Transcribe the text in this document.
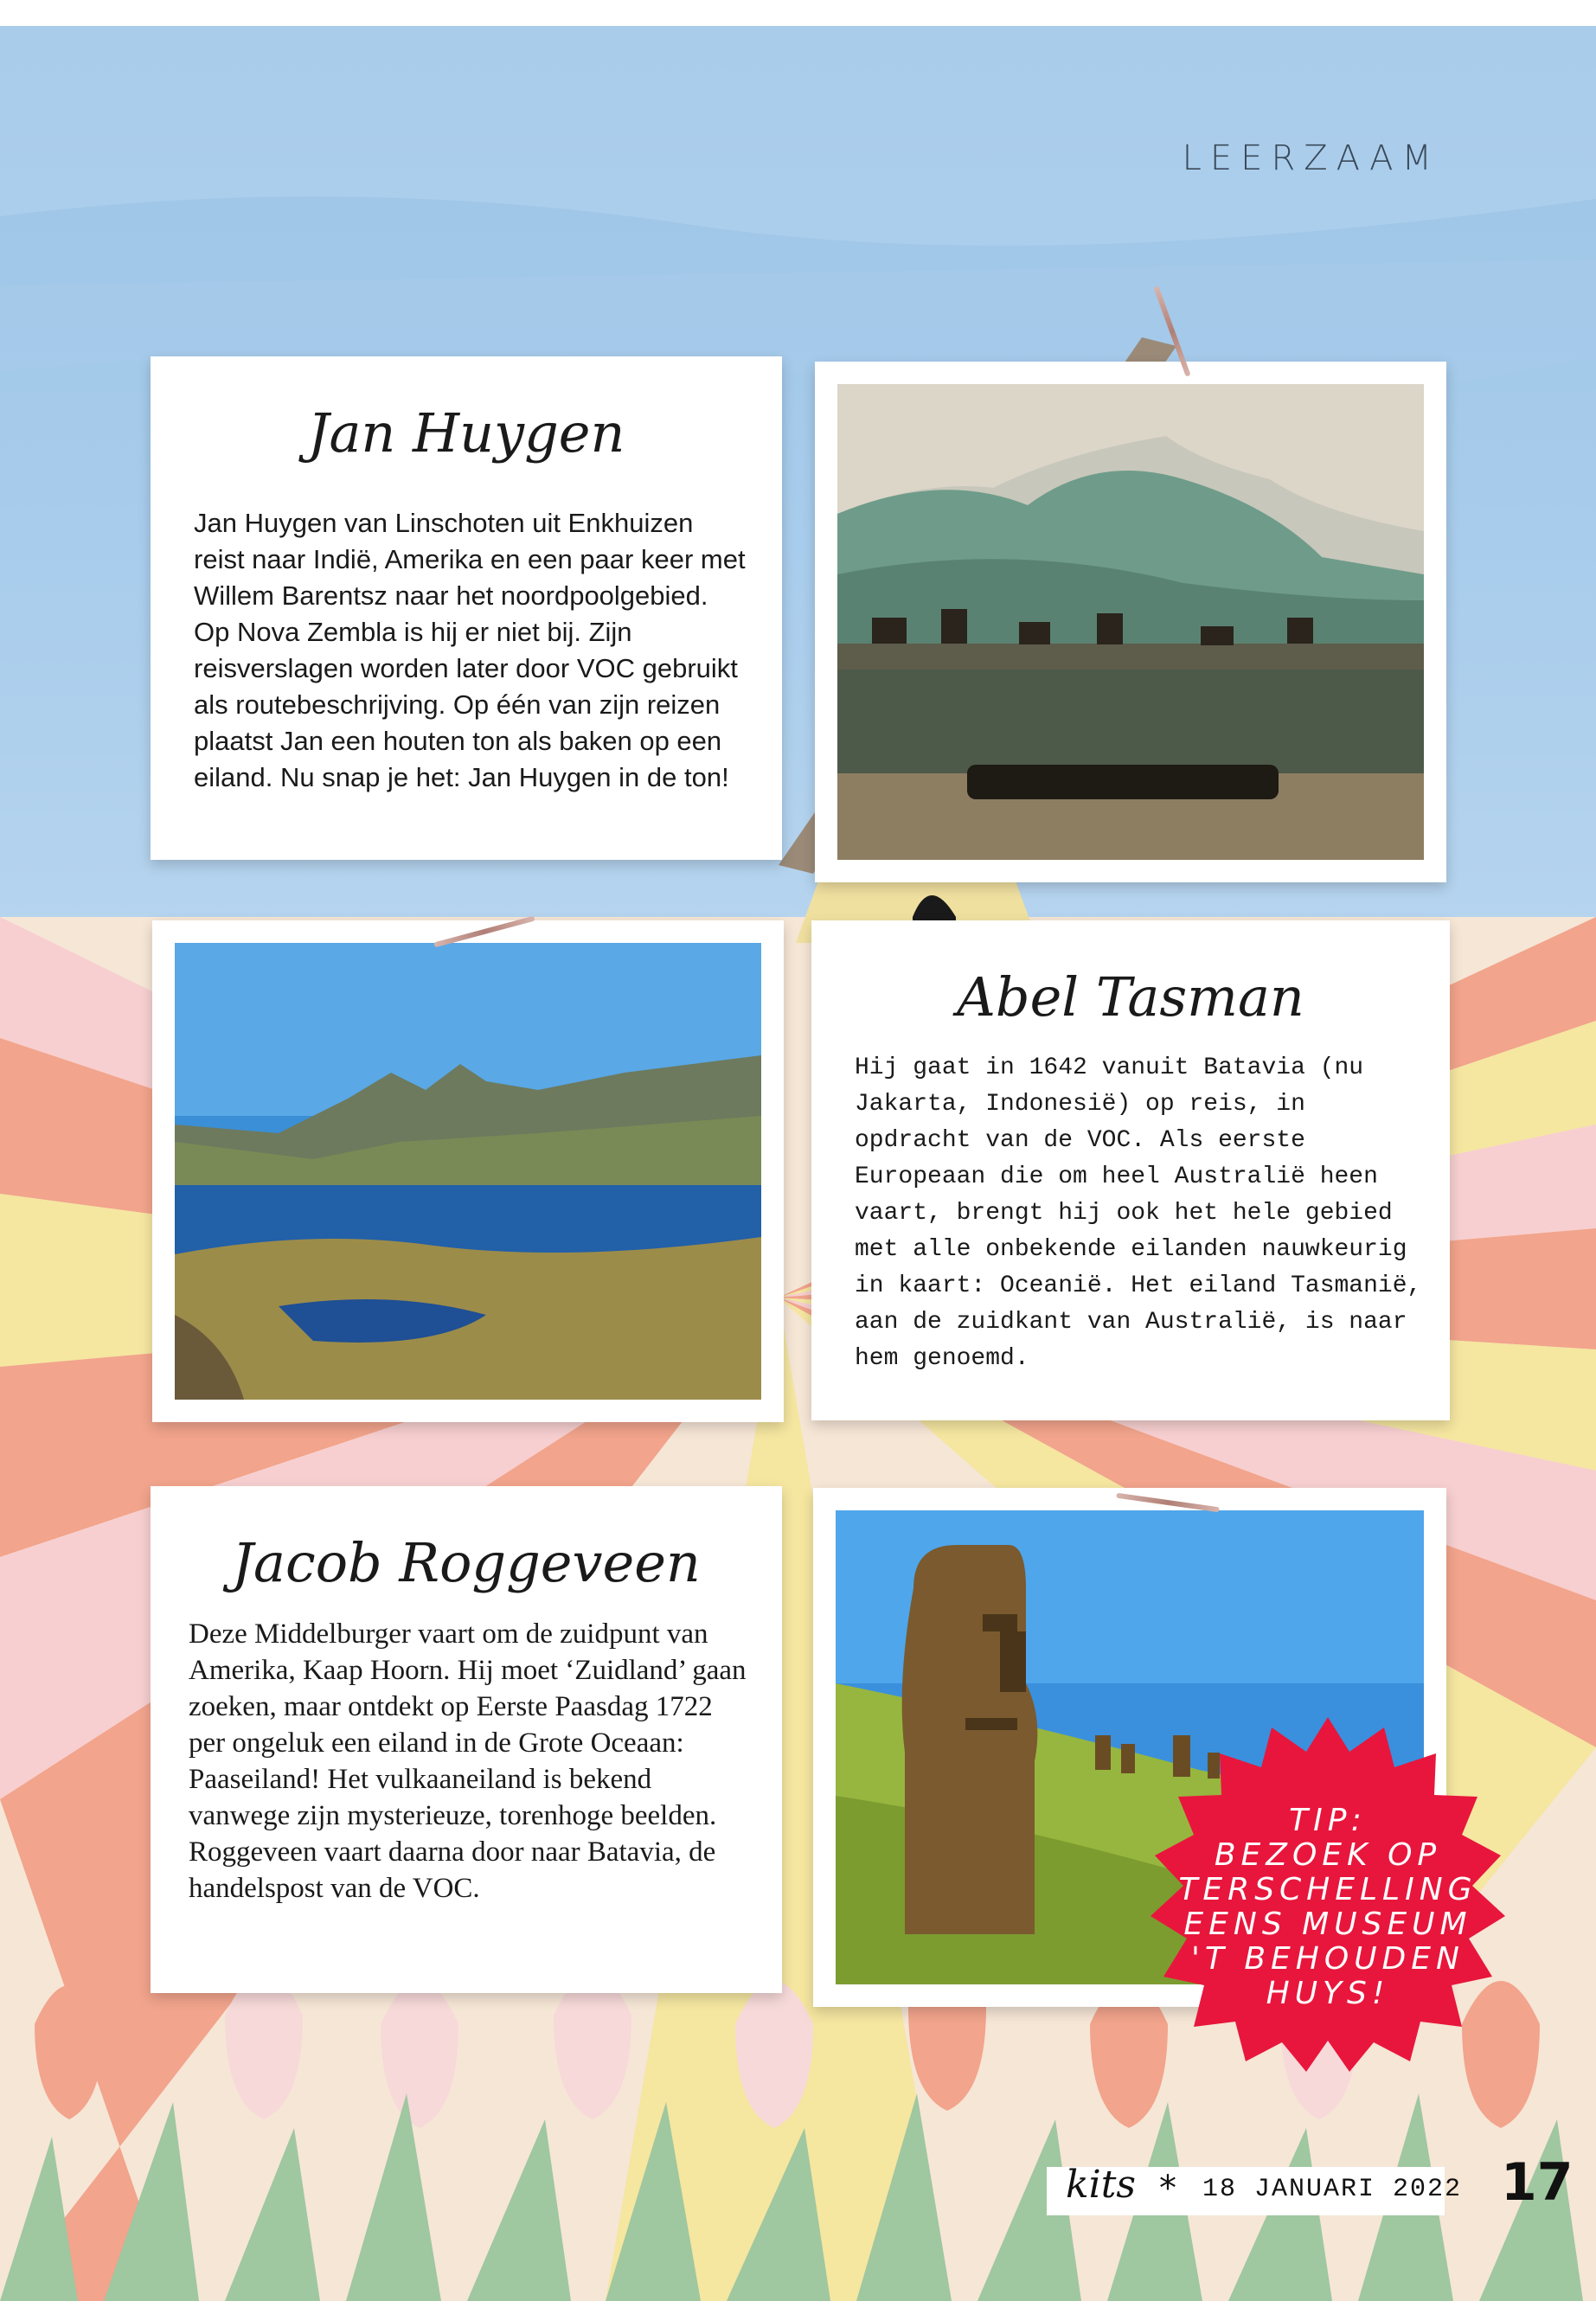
LEERZAAM
Jan Huygen
Jan Huygen van Linschoten uit Enkhuizen reist naar Indië, Amerika en een paar keer met Willem Barentsz naar het noordpoolgebied. Op Nova Zembla is hij er niet bij. Zijn reisverslagen worden later door VOC gebruikt als routebeschrijving. Op één van zijn reizen plaatst Jan een houten ton als baken op een eiland. Nu snap je het: Jan Huygen in de ton!
Abel Tasman
Hij gaat in 1642 vanuit Batavia (nu Jakarta, Indonesië) op reis, in opdracht van de VOC. Als eerste Europeaan die om heel Australië heen vaart, brengt hij ook het hele gebied met alle onbekende eilanden nauwkeurig in kaart: Oceanië. Het eiland Tasmanië, aan de zuidkant van Australië, is naar hem genoemd.
Jacob Roggeveen
Deze Middelburger vaart om de zuidpunt van Amerika, Kaap Hoorn. Hij moet ‘Zuidland’ gaan zoeken, maar ontdekt op Eerste Paasdag 1722 per ongeluk een eiland in de Grote Oceaan: Paaseiland! Het vulkaaneiland is bekend vanwege zijn mysterieuze, torenhoge beelden. Roggeveen vaart daarna door naar Batavia, de handelspost van de VOC.
TIP:
BEZOEK OP
TERSCHELLING
EENS MUSEUM
'T BEHOUDEN
HUYS!
kits * 18 JANUARI 2022 17
